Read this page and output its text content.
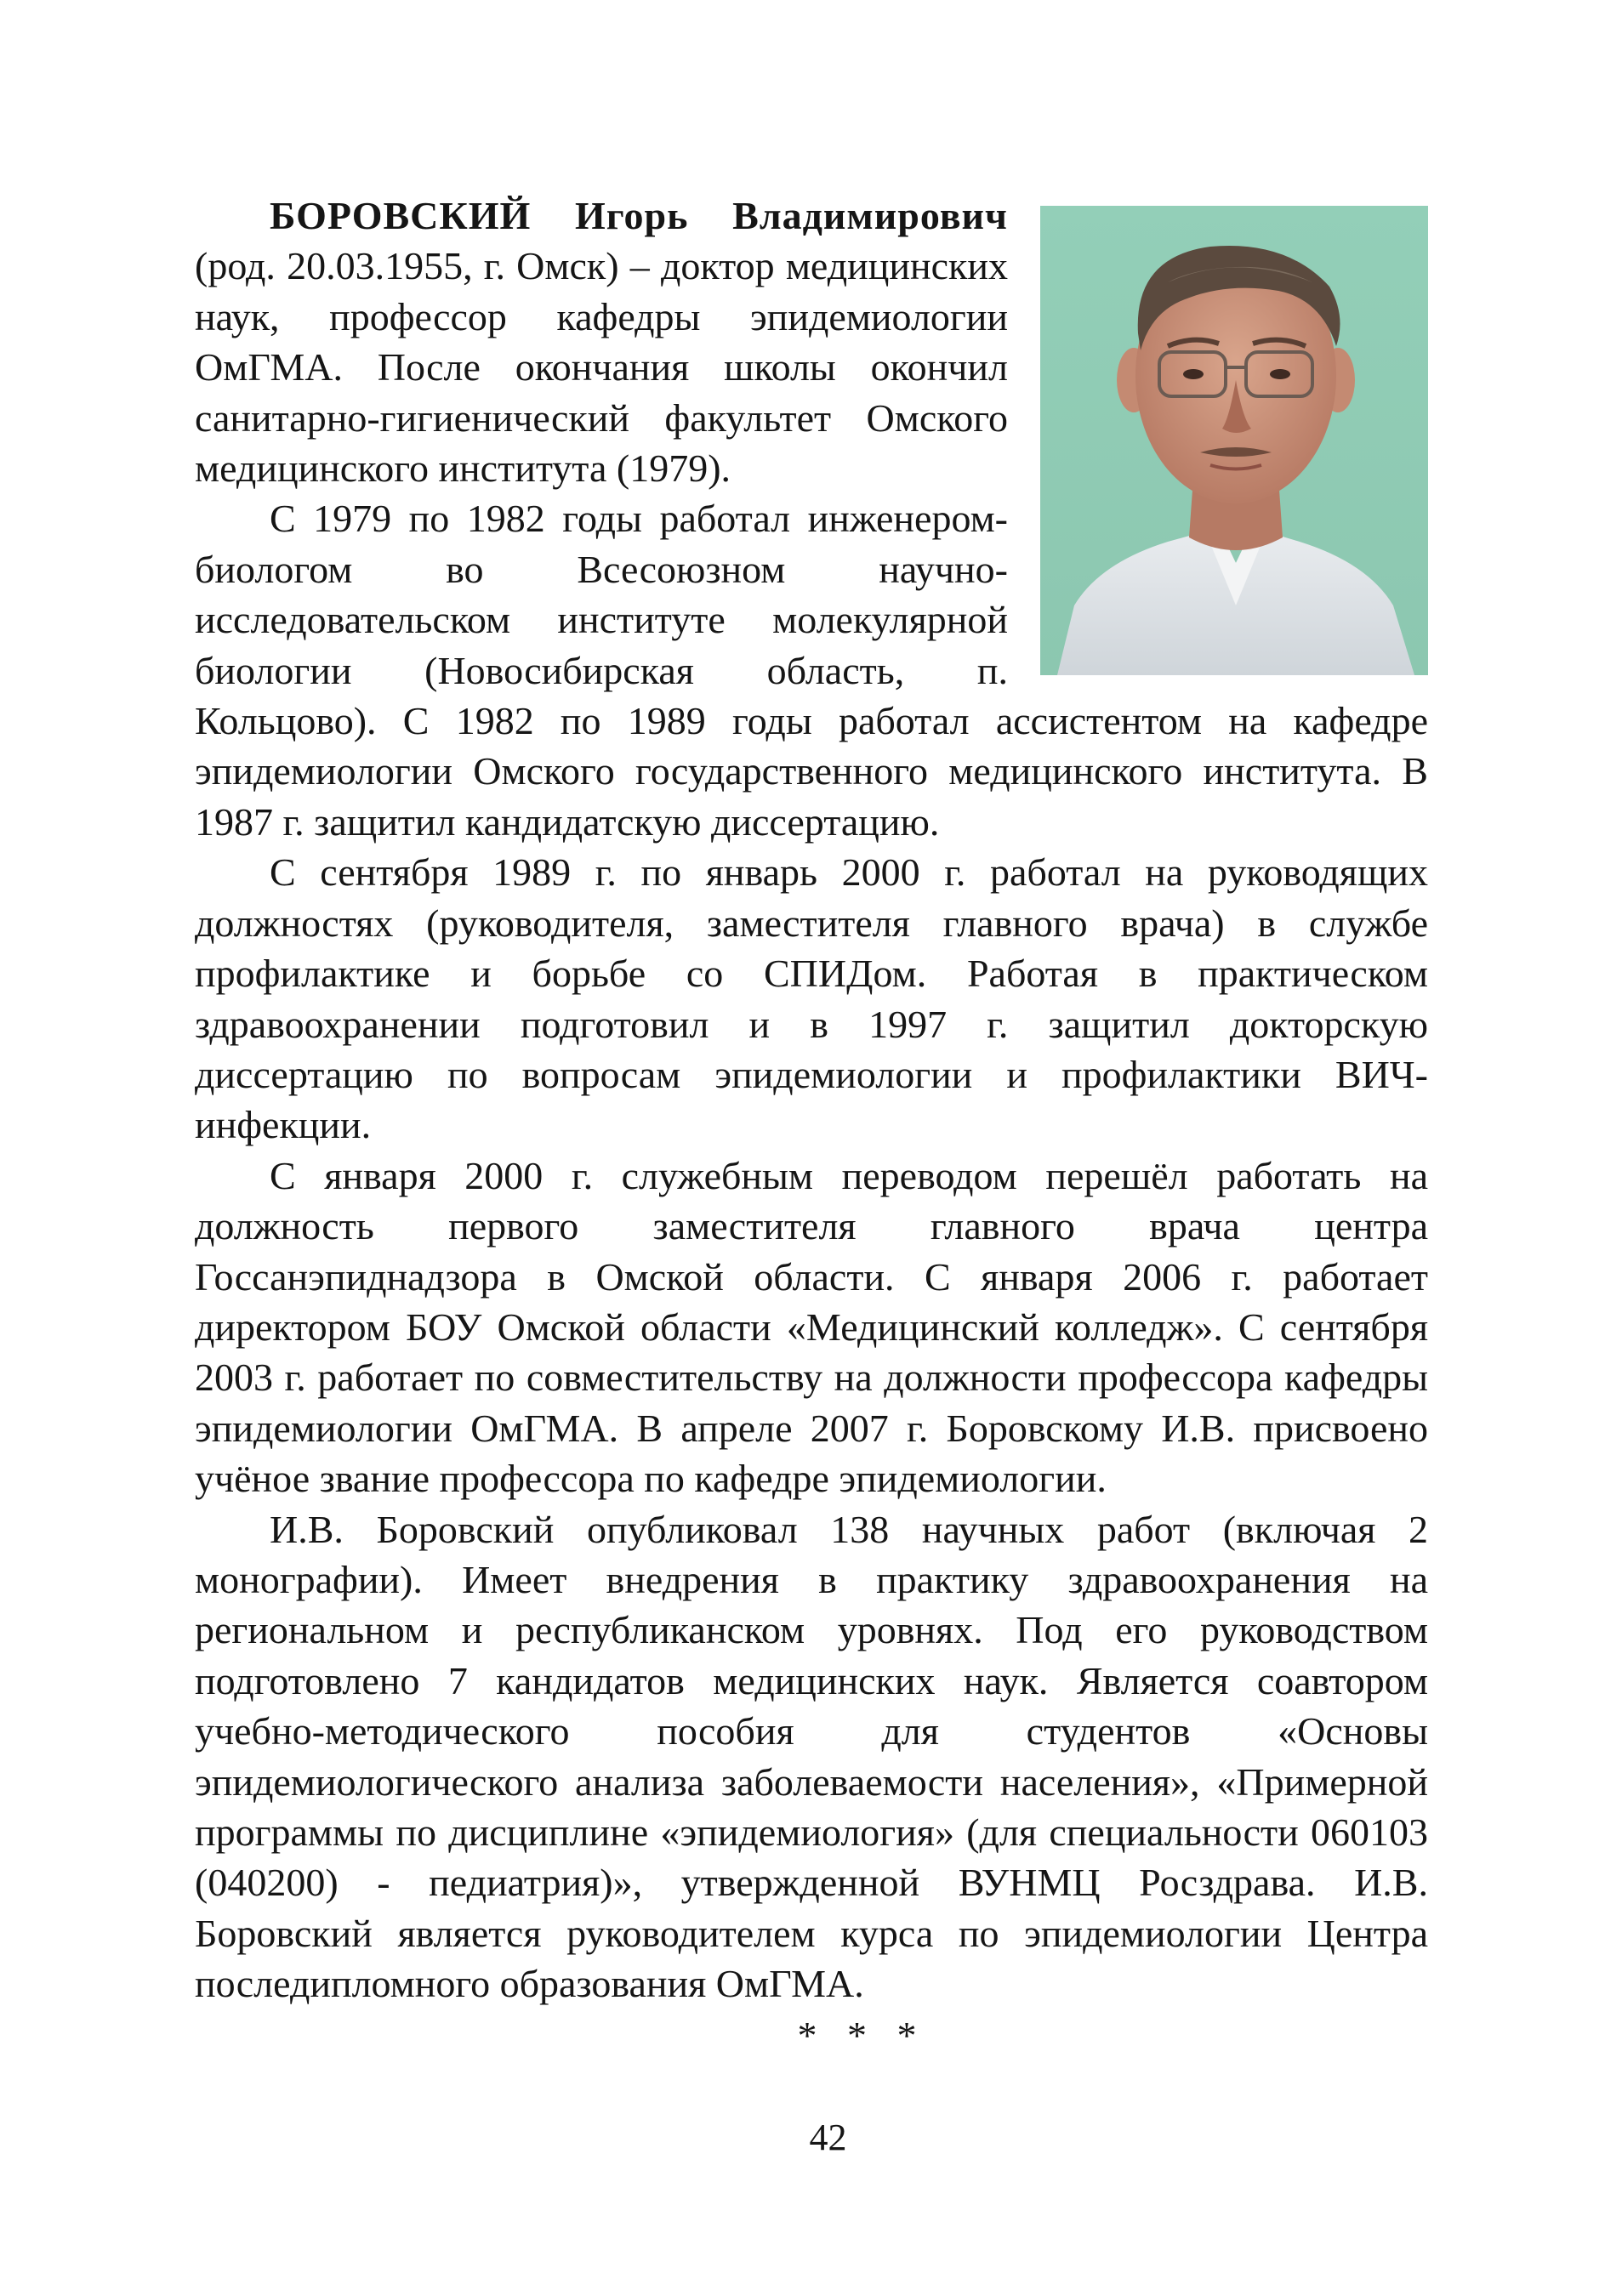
БОРОВСКИЙ Игорь Владимирович (род. 20.03.1955, г. Омск) – доктор медицинских наук, профессор кафедры эпидемиологии ОмГМА. После окончания школы окончил санитарно-гигиенический факультет Омского медицинского института (1979).

С 1979 по 1982 годы работал инженером-биологом во Всесоюзном научно-исследовательском институте молекулярной биологии (Новосибирская область, п. Кольцово). С 1982 по 1989 годы работал ассистентом на кафедре эпидемиологии Омского государственного медицинского института. В 1987 г. защитил кандидатскую диссертацию.

С сентября 1989 г. по январь 2000 г. работал на руководящих должностях (руководителя, заместителя главного врача) в службе профилактике и борьбе со СПИДом. Работая в практическом здравоохранении подготовил и в 1997 г. защитил докторскую диссертацию по вопросам эпидемиологии и профилактики ВИЧ-инфекции.

С января 2000 г. служебным переводом перешёл работать на должность первого заместителя главного врача центра Госсанэпиднадзора в Омской области. С января 2006 г. работает директором БОУ Омской области «Медицинский колледж». С сентября 2003 г. работает по совместительству на должности профессора кафедры эпидемиологии ОмГМА. В апреле 2007 г. Боровскому И.В. присвоено учёное звание профессора по кафедре эпидемиологии.

И.В. Боровский опубликовал 138 научных работ (включая 2 монографии). Имеет внедрения в практику здравоохранения на региональном и республиканском уровнях. Под его руководством подготовлено 7 кандидатов медицинских наук. Является соавтором учебно-методического пособия для студентов «Основы эпидемиологического анализа заболеваемости населения», «Примерной программы по дисциплине «эпидемиология» (для специальности 060103 (040200) - педиатрия)», утвержденной ВУНМЦ Росздрава. И.В. Боровский является руководителем курса по эпидемиологии Центра последипломного образования ОмГМА.

* * *
42
